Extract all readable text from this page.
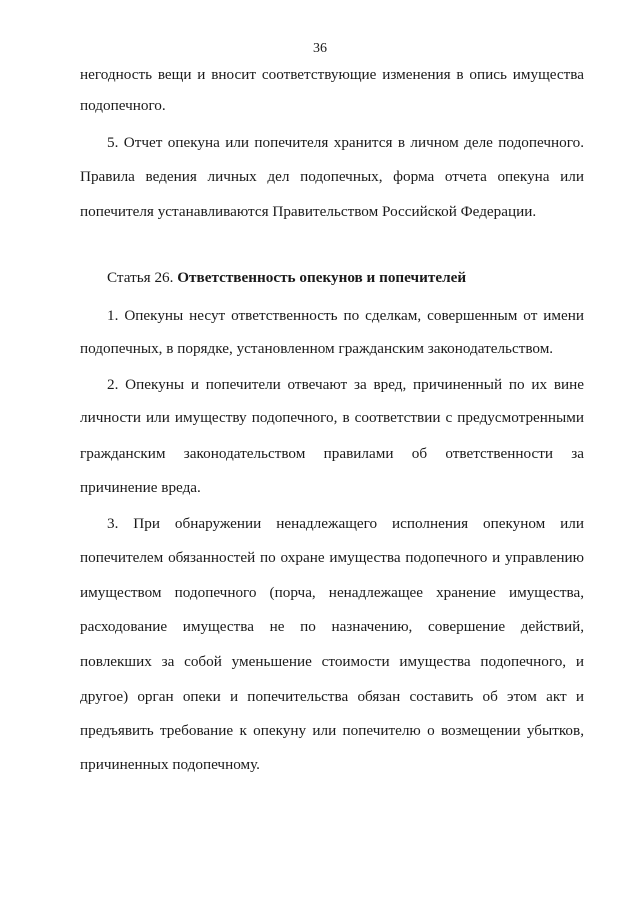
36
негодность вещи и вносит соответствующие изменения в опись имущества
подопечного.
5. Отчет опекуна или попечителя хранится в личном деле подопечного.
Правила ведения личных дел подопечных, форма отчета опекуна или
попечителя устанавливаются Правительством Российской Федерации.
Статья 26. Ответственность опекунов и попечителей
1. Опекуны несут ответственность по сделкам, совершенным от имени
подопечных, в порядке, установленном гражданским законодательством.
2. Опекуны и попечители отвечают за вред, причиненный по их вине
личности или имуществу подопечного, в соответствии с предусмотренными
гражданским законодательством правилами об ответственности за
причинение вреда.
3. При обнаружении ненадлежащего исполнения опекуном или
попечителем обязанностей по охране имущества подопечного и управлению
имуществом подопечного (порча, ненадлежащее хранение имущества,
расходование имущества не по назначению, совершение действий,
повлекших за собой уменьшение стоимости имущества подопечного, и
другое) орган опеки и попечительства обязан составить об этом акт и
предъявить требование к опекуну или попечителю о возмещении убытков,
причиненных подопечному.
